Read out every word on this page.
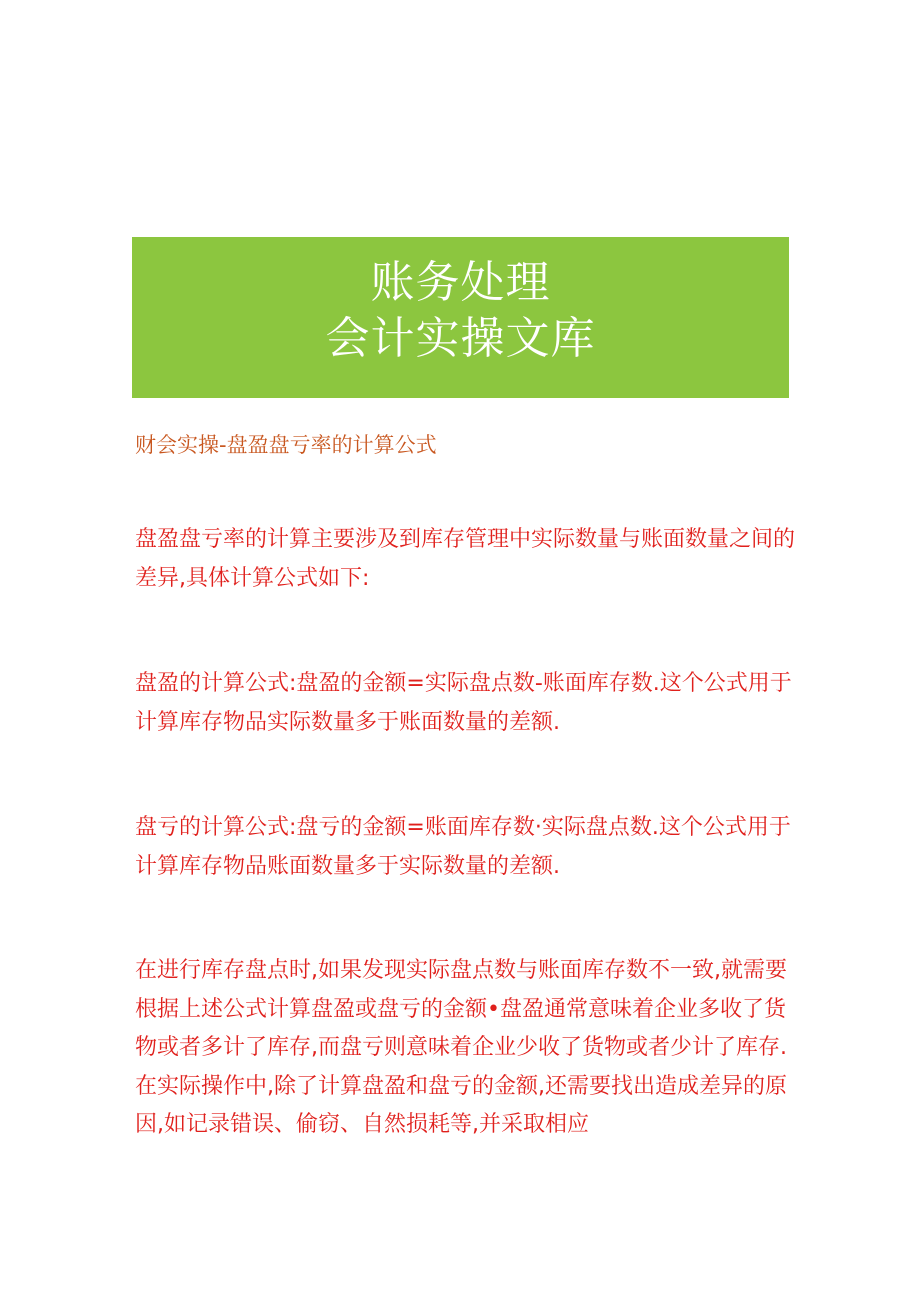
账务处理
会计实操文库
财会实操-盘盈盘亏率的计算公式

盘盈盘亏率的计算主要涉及到库存管理中实际数量与账面数量之间的差异,具体计算公式如下:

盘盈的计算公式:盘盈的金额=实际盘点数-账面库存数.这个公式用于计算库存物品实际数量多于账面数量的差额.

盘亏的计算公式:盘亏的金额=账面库存数·实际盘点数.这个公式用于计算库存物品账面数量多于实际数量的差额.

在进行库存盘点时,如果发现实际盘点数与账面库存数不一致,就需要根据上述公式计算盘盈或盘亏的金额•盘盈通常意味着企业多收了货物或者多计了库存,而盘亏则意味着企业少收了货物或者少计了库存.在实际操作中,除了计算盘盈和盘亏的金额,还需要找出造成差异的原因,如记录错误、偷窃、自然损耗等,并采取相应
